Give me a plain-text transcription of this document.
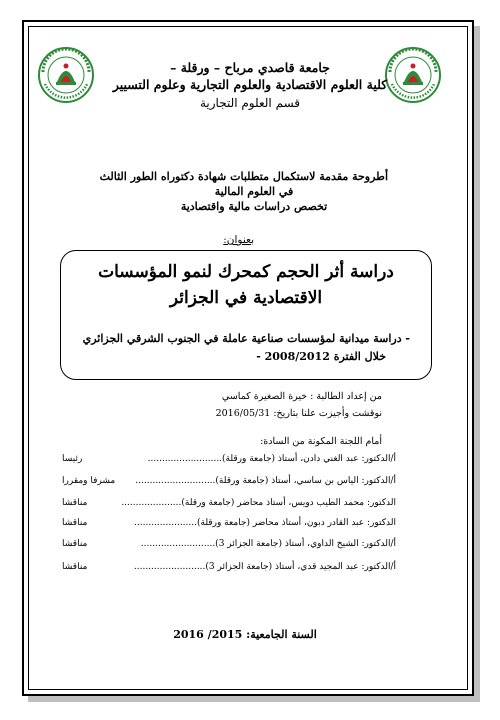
جامعة قاصدي مرباح – ورقلة –
كلية العلوم الاقتصادية والعلوم التجارية وعلوم التسيير
قسم العلوم التجارية
أطروحة مقدمة لاستكمال متطلبات شهادة دكتوراه الطور الثالث
في العلوم المالية
تخصص دراسات مالية واقتصادية
بعنوان:
دراسة أثر الحجم كمحرك لنمو المؤسسات
الاقتصادية في الجزائر
- دراسة ميدانية لمؤسسات صناعية عاملة في الجنوب الشرقي الجزائري
خلال الفترة 2008/2012 -
من إعداد الطالبة : خيرة الصغيرة كماسي
نوقشت وأجيزت علنا بتاريخ: 2016/05/31
أمام اللجنة المكونة من السادة:
أ/الدكتور: عبد الغني دادن، أستاذ (جامعة ورقلة)..........................
رئيسا
أ/الدكتور: الياس بن ساسي، أستاذ (جامعة ورقلة)............................
مشرفا ومقررا
الدكتور: محمد الطيب دويس، أستاذ محاضر (جامعة ورقلة).....................
مناقشا
الدكتور: عبد القادر دبون، أستاذ محاضر (جامعة ورقلة)......................
مناقشا
أ/الدكتور: الشيخ الداوي، أستاذ (جامعة الجزائر 3)..........................
مناقشا
أ/الدكتور: عبد المجيد قدي، أستاذ (جامعة الجزائر 3).........................
مناقشا
السنة الجامعية: 2015/ 2016
